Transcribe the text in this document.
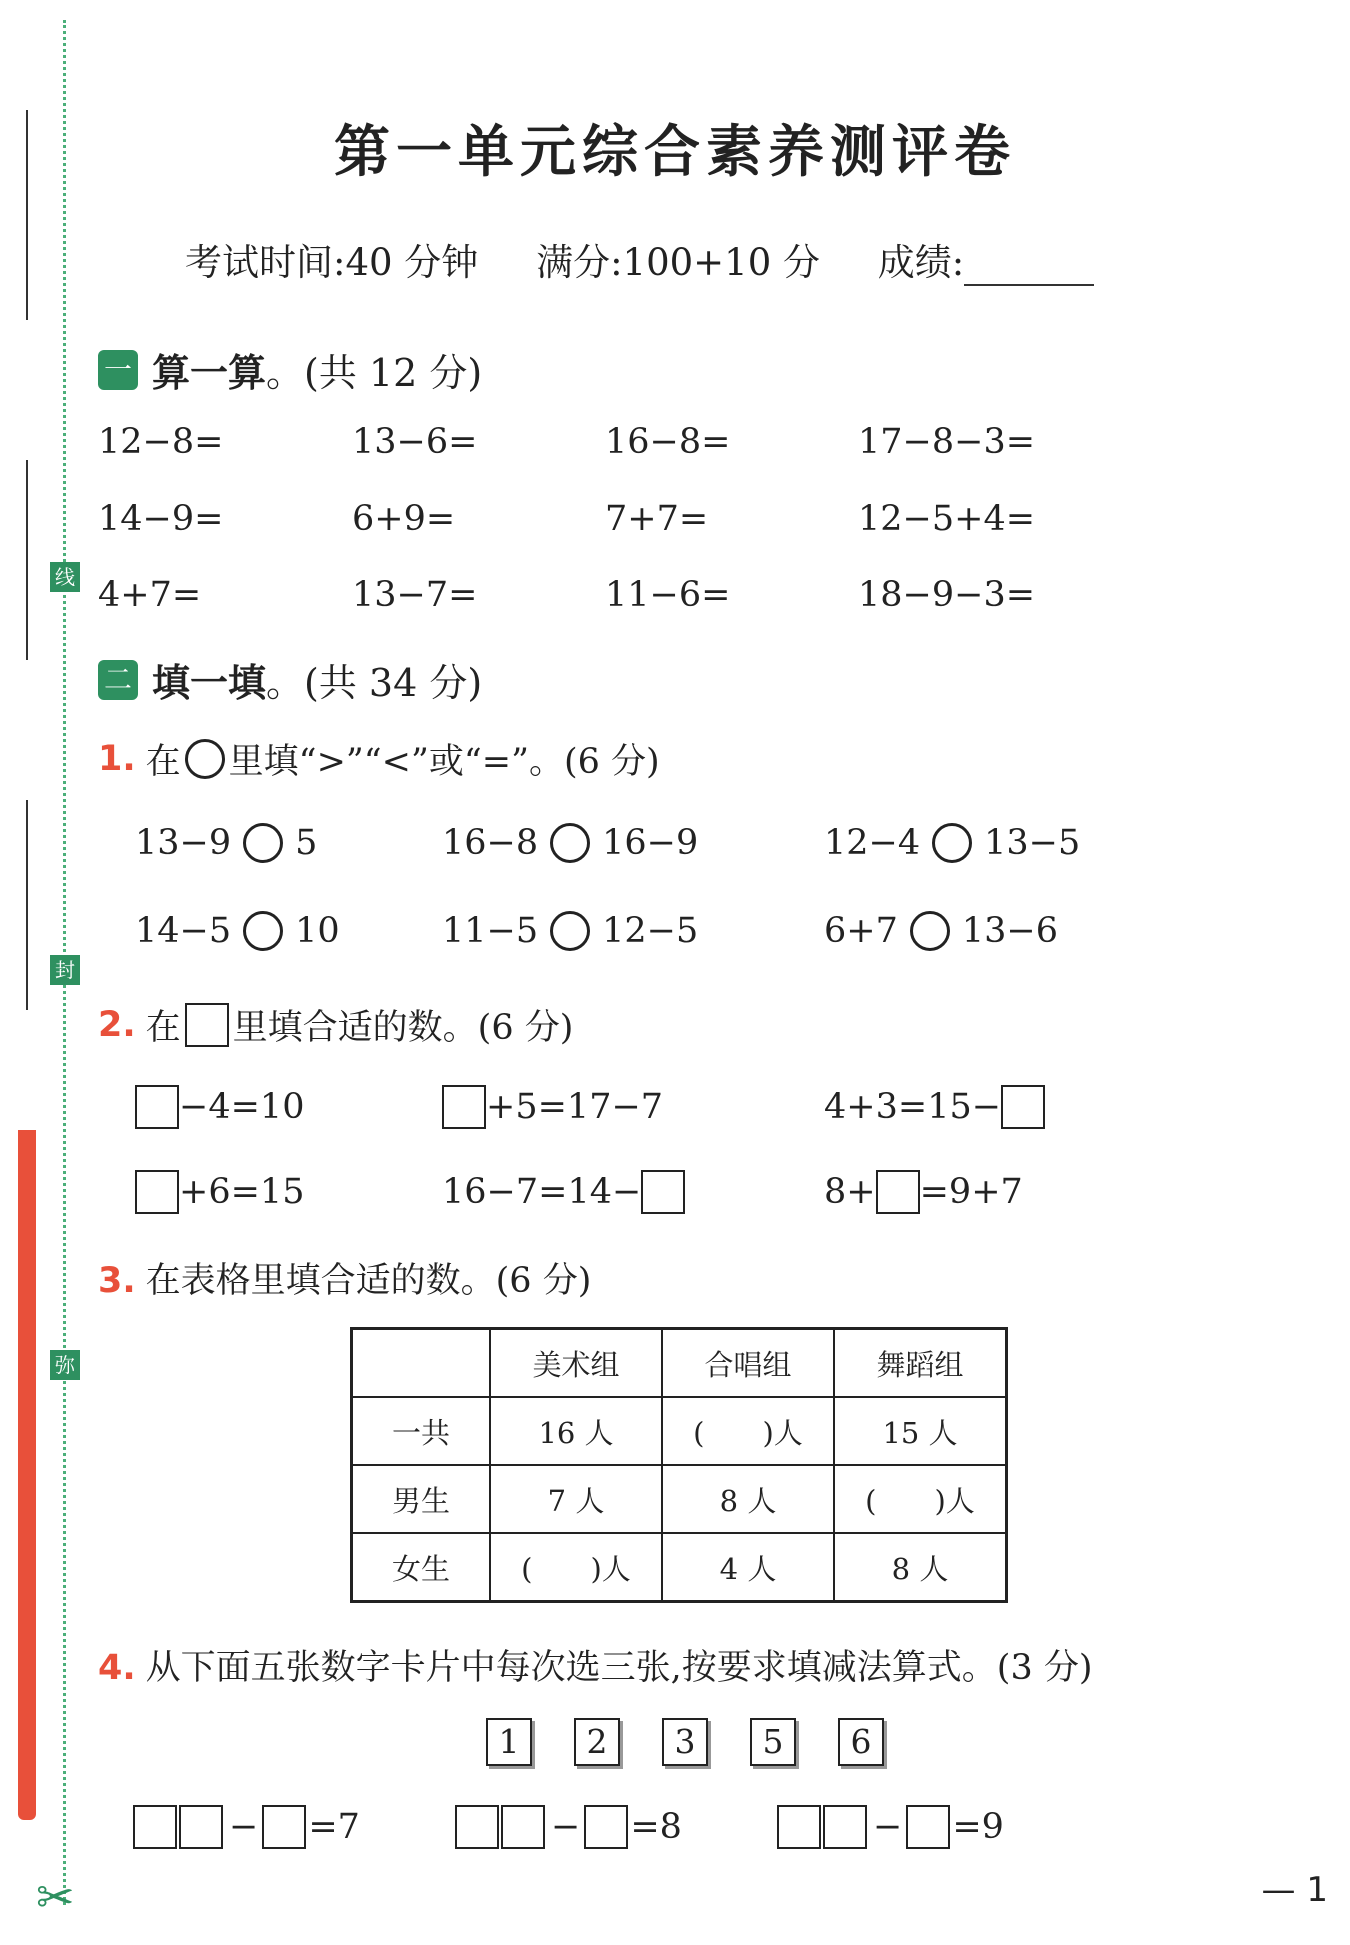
线
封
弥
✂
第一单元综合素养测评卷
考试时间:40 分钟 满分:100+10 分 成绩:
一 算一算 。(共 12 分)
12−8=	13−6=	16−8=	17−8−3=
14−9=	6+9=	7+7=	12−5+4=
4+7=	13−7=	11−6=	18−9−3=
二 填一填 。(共 34 分)
1. 在 里填“>”“<”或“=”。(6 分)
13−9 5	16−8 16−9	12−4 13−5
14−5 10	11−5 12−5	6+7 13−6
2. 在 里填合适的数。(6 分)
−4=10	+5=17−7	4+3=15−
+6=15	16−7=14−	8+ =9+7
3. 在表格里填合适的数。(6 分)
	美术组	合唱组	舞蹈组
一共	16 人	(　　)人	15 人
男生	7 人	8 人	(　　)人
女生	(　　)人	4 人	8 人
4. 从下面五张数字卡片中每次选三张,按要求填减法算式。(3 分)
1	2	3	5	6
− =7	− =8	− =9
— 1
